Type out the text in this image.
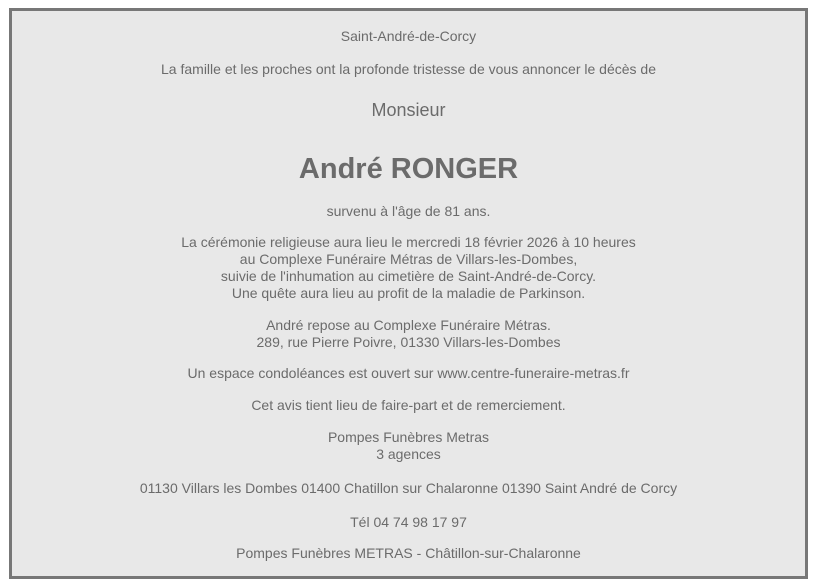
Saint-André-de-Corcy
La famille et les proches ont la profonde tristesse de vous annoncer le décès de
Monsieur
André RONGER
survenu à l'âge de 81 ans.
La cérémonie religieuse aura lieu le mercredi 18 février 2026 à 10 heures
au Complexe Funéraire Métras de Villars-les-Dombes,
suivie de l'inhumation au cimetière de Saint-André-de-Corcy.
Une quête aura lieu au profit de la maladie de Parkinson.
André repose au Complexe Funéraire Métras.
289, rue Pierre Poivre, 01330 Villars-les-Dombes
Un espace condoléances est ouvert sur www.centre-funeraire-metras.fr
Cet avis tient lieu de faire-part et de remerciement.
Pompes Funèbres Metras
3 agences
01130 Villars les Dombes 01400 Chatillon sur Chalaronne 01390 Saint André de Corcy
Tél 04 74 98 17 97
Pompes Funèbres METRAS - Châtillon-sur-Chalaronne
